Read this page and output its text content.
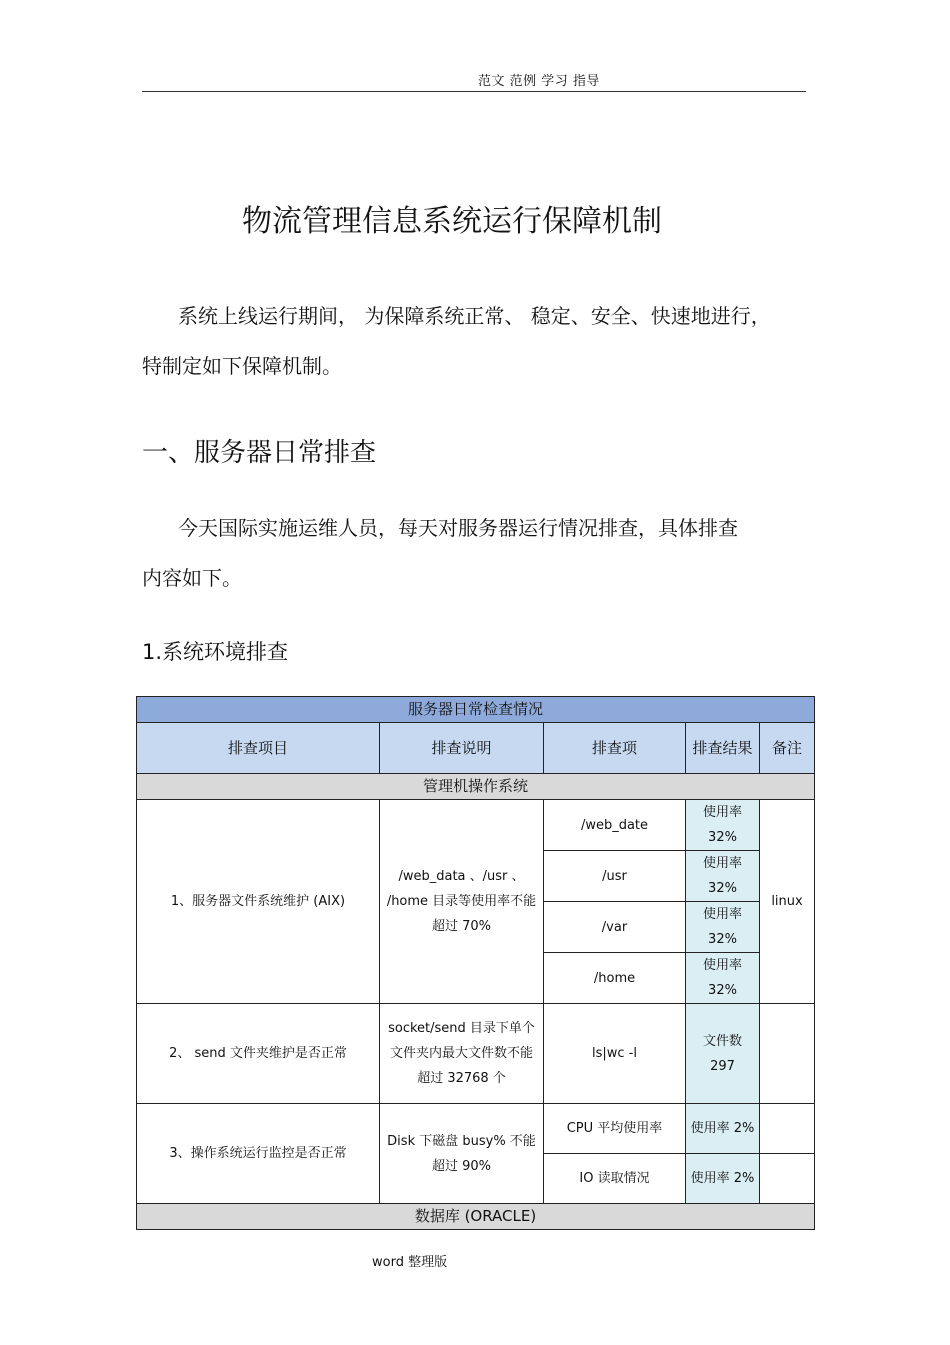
范文 范例 学习 指导
物流管理信息系统运行保障机制

系统上线运行期间， 为保障系统正常、 稳定、安全、快速地进行，
特制定如下保障机制。

一、服务器日常排查

今天国际实施运维人员，每天对服务器运行情况排查，具体排查
内容如下。

1.系统环境排查
服务器日常检查情况				
排查项目	排查说明	排查项	排查结果	备注
管理机操作系统				
1、服务器文件系统维护 (AIX)	/web_data 、/usr 、 /home 目录等使用率不能超过 70%	/web_date	使用率 32%	linux
		/usr	使用率 32%	
		/var	使用率 32%	
		/home	使用率 32%	
2、 send 文件夹维护是否正常	socket/send 目录下单个文件夹内最大文件数不能超过 32768 个	ls|wc -l	文件数 297	
3、操作系统运行监控是否正常	Disk 下磁盘 busy% 不能超过 90%	CPU 平均使用率	使用率 2%	
		IO 读取情况	使用率 2%	
数据库 (ORACLE)				
word 整理版
